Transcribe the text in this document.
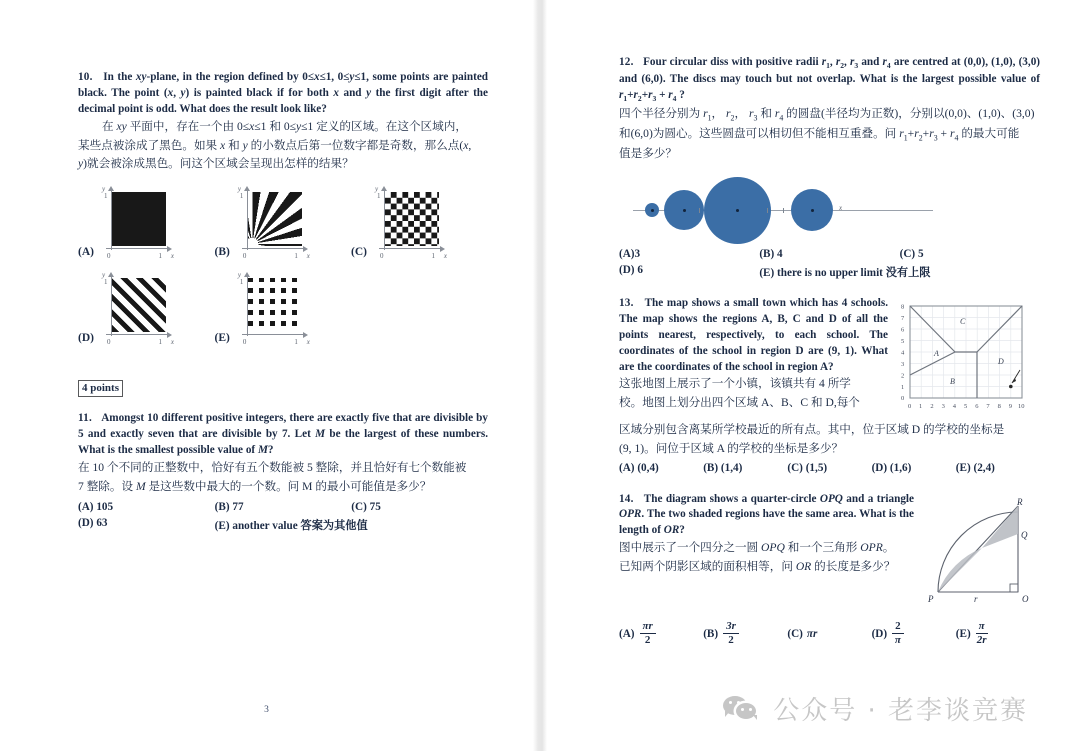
10. In the xy-plane, in the region defined by 0≤x≤1, 0≤y≤1, some points are painted black. The point (x, y) is painted black if for both x and y the first digit after the decimal point is odd. What does the result look like?

在 xy 平面中，存在一个由 0≤x≤1 和 0≤y≤1 定义的区域。在这个区域内，

某些点被涂成了黑色。如果 x 和 y 的小数点后第一位数字都是奇数，那么点(x,

y)就会被涂成黑色。问这个区域会呈现出怎样的结果？

(A)
y
1
x
1
0	(B)
y
1
x
1
0	(C)
y
1
x
1
0
(D)
y
1
x
1
0	(E)
y
1
x
1
0
4 points

11. Amongst 10 different positive integers, there are exactly five that are divisible by 5 and exactly seven that are divisible by 7. Let M be the largest of these numbers. What is the smallest possible value of M?

在 10 个不同的正整数中，恰好有五个数能被 5 整除，并且恰好有七个数能被

7 整除。设 M 是这些数中最大的一个数。问 M 的最小可能值是多少？

(A) 105	(B) 77	(C) 75
(D) 63	(E) another value 答案为其他值
3

12. Four circular diss with positive radii $r_1$, $r_2$, $r_3$ and $r_4$ are centred at (0,0), (1,0), (3,0) and (6,0). The discs may touch but not overlap. What is the largest possible value of $r_1+r_2+r_3 + r_4$ ?

四个半径分别为 $r_1$， $r_2$， $r_3$ 和 $r_4$ 的圆盘(半径均为正数)，分别以(0,0)、(1,0)、(3,0)

和(6,0)为圆心。这些圆盘可以相切但不能相互重叠。问 $r_1+r_2+r_3 + r_4$ 的最大可能

值是多少？

x
(A)3	(B) 4	(C) 5
(D) 6	(E) there is no upper limit 没有上限

13. The map shows a small town which has 4 schools. The map shows the regions A, B, C and D of all the points nearest, respectively, to each school. The coordinates of the school in region D are (9, 1). What are the coordinates of the school in region A?

这张地图上展示了一个小镇，该镇共有 4 所学

校。地图上划分出四个区域 A、B、C 和 D,每个

A
B
C
D
0 1 2 3 4 5 6 7 8 9 10
0
1
2
3
4
5
6
7
8

区域分别包含离某所学校最近的所有点。其中，位于区域 D 的学校的坐标是

(9, 1)。问位于区域 A 的学校的坐标是多少？

(A) (0,4)	(B) (1,4)	(C) (1,5)	(D) (1,6)	(E) (2,4)

14. The diagram shows a quarter-circle OPQ and a triangle OPR. The two shaded regions have the same area. What is the length of OR?

图中展示了一个四分之一圆 OPQ 和一个三角形 OPR。

已知两个阴影区域的面积相等，问 OR 的长度是多少？

P	O
Q
R
r
$(A) \frac{\pi r}{2}$	$(B) \frac{3r}{2}$	(C) πr	$(D) \frac{2}{\pi}$	$(E) \frac{\pi}{2r}$
公众号 · 老李谈竞赛
